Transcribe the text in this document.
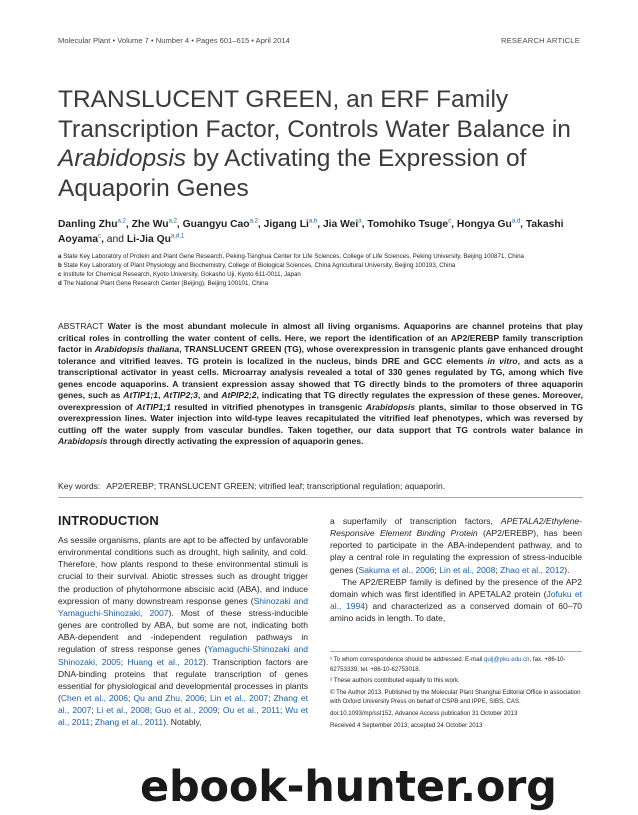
Molecular Plant • Volume 7 • Number 4 • Pages 601–615 • April 2014	RESEARCH ARTICLE
TRANSLUCENT GREEN, an ERF Family Transcription Factor, Controls Water Balance in Arabidopsis by Activating the Expression of Aquaporin Genes
Danling Zhu$^{a,2}$, Zhe Wu$^{a,2}$, Guangyu Cao$^{a,2}$, Jigang Li$^{a,b}$, Jia Wei$^a$, Tomohiko Tsuge$^c$, Hongya Gu$^{a,d}$, Takashi Aoyama$^c$, and Li-Jia Qu$^{a,d,1}$
a State Key Laboratory of Protein and Plant Gene Research, Peking-Tsinghua Center for Life Sciences, College of Life Sciences, Peking University, Beijing 100871, China
b State Key Laboratory of Plant Physiology and Biochemistry, College of Biological Sciences, China Agricultural University, Beijing 100193, China
c Institute for Chemical Research, Kyoto University, Gokasho Uji, Kyoto 611-0011, Japan
d The National Plant Gene Research Center (Beijing), Beijing 100101, China

ABSTRACT Water is the most abundant molecule in almost all living organisms. Aquaporins are channel proteins that play critical roles in controlling the water content of cells. Here, we report the identification of an AP2/EREBP family transcription factor in Arabidopsis thaliana, TRANSLUCENT GREEN (TG), whose overexpression in transgenic plants gave enhanced drought tolerance and vitrified leaves. TG protein is localized in the nucleus, binds DRE and GCC elements in vitro, and acts as a transcriptional activator in yeast cells. Microarray analysis revealed a total of 330 genes regulated by TG, among which five genes encode aquaporins. A transient expression assay showed that TG directly binds to the promoters of three aquaporin genes, such as AtTIP1;1, AtTIP2;3, and AtPIP2;2, indicating that TG directly regulates the expression of these genes. Moreover, overexpression of AtTIP1;1 resulted in vitrified phenotypes in transgenic Arabidopsis plants, similar to those observed in TG overexpression lines. Water injection into wild-type leaves recapitulated the vitrified leaf phenotypes, which was reversed by cutting off the water supply from vascular bundles. Taken together, our data support that TG controls water balance in Arabidopsis through directly activating the expression of aquaporin genes.

Key words: AP2/EREBP; TRANSLUCENT GREEN; vitrified leaf; transcriptional regulation; aquaporin.

INTRODUCTION

As sessile organisms, plants are apt to be affected by unfavorable environmental conditions such as drought, high salinity, and cold. Therefore, how plants respond to these environmental stimuli is crucial to their survival. Abiotic stresses such as drought trigger the production of phytohormone abscisic acid (ABA), and induce expression of many downstream response genes (Shinozaki and Yamaguchi-Shinozaki, 2007). Most of these stress-inducible genes are controlled by ABA, but some are not, indicating both ABA-dependent and -independent regulation pathways in regulation of stress response genes (Yamaguchi-Shinozaki and Shinozaki, 2005; Huang et al., 2012). Transcription factors are DNA-binding proteins that regulate transcription of genes essential for physiological and developmental processes in plants (Chen et al., 2006; Qu and Zhu, 2006; Lin et al., 2007; Zhang et al., 2007; Li et al., 2008; Guo et al., 2009; Ou et al., 2011; Wu et al., 2011; Zhang et al., 2011). Notably,

a superfamily of transcription factors, APETALA2/Ethylene-Responsive Element Binding Protein (AP2/EREBP), has been reported to participate in the ABA-independent pathway, and to play a central role in regulating the expression of stress-inducible genes (Sakuma et al., 2006; Lin et al., 2008; Zhao et al., 2012).

The AP2/EREBP family is defined by the presence of the AP2 domain which was first identified in APETALA2 protein (Jofuku et al., 1994) and characterized as a conserved domain of 60–70 amino acids in length. To date,

¹ To whom correspondence should be addressed. E-mail qulj@pku.edu.cn, fax. +86-10-62753339, tel. +86-10-62753018.

² These authors contributed equally to this work.

© The Author 2013. Published by the Molecular Plant Shanghai Editorial Office in association with Oxford University Press on behalf of CSPB and IPPE, SIBS, CAS.

doi:10.1093/mp/sst152, Advance Access publication 31 October 2013

Received 4 September 2013; accepted 24 October 2013

ebook-hunter.org
